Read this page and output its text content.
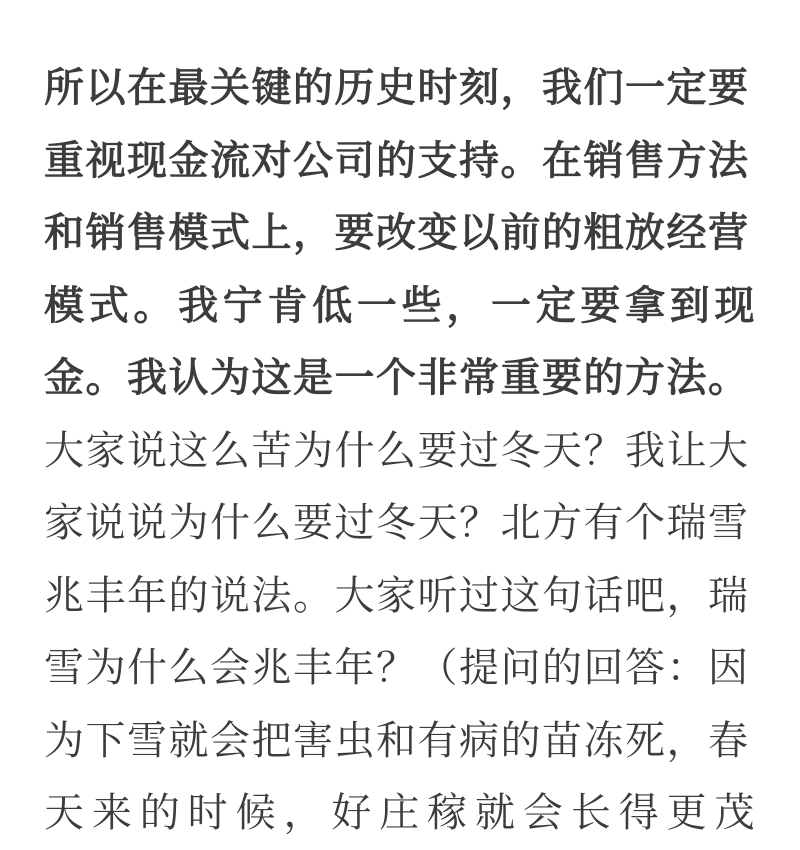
所以在最关键的历史时刻，我们一定要
重视现金流对公司的支持。在销售方法
和销售模式上，要改变以前的粗放经营
模式。我宁肯低一些，一定要拿到现
金。我认为这是一个非常重要的方法。
大家说这么苦为什么要过冬天？我让大
家说说为什么要过冬天？北方有个瑞雪
兆丰年的说法。大家听过这句话吧，瑞
雪为什么会兆丰年？（提问的回答：因
为下雪就会把害虫和有病的苗冻死，春
天来的时候，好庄稼就会长得更茂
